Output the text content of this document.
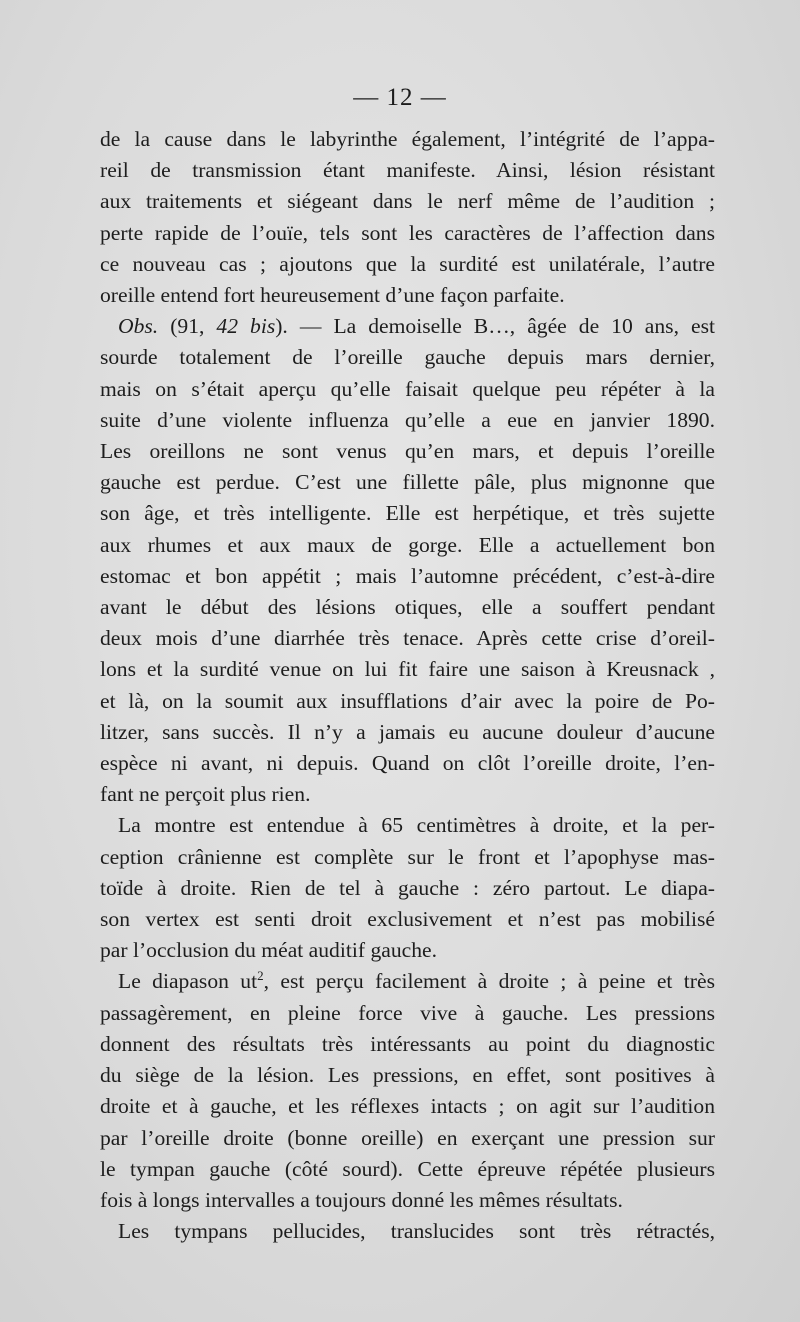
— 12 —
de la cause dans le labyrinthe également, l’intégrité de l’appa-
reil de transmission étant manifeste. Ainsi, lésion résistant
aux traitements et siégeant dans le nerf même de l’audition ;
perte rapide de l’ouïe, tels sont les caractères de l’affection dans
ce nouveau cas ; ajoutons que la surdité est unilatérale, l’autre
oreille entend fort heureusement d’une façon parfaite.
Obs. (91, 42 bis). — La demoiselle B…, âgée de 10 ans, est
sourde totalement de l’oreille gauche depuis mars dernier,
mais on s’était aperçu qu’elle faisait quelque peu répéter à la
suite d’une violente influenza qu’elle a eue en janvier 1890.
Les oreillons ne sont venus qu’en mars, et depuis l’oreille
gauche est perdue. C’est une fillette pâle, plus mignonne que
son âge, et très intelligente. Elle est herpétique, et très sujette
aux rhumes et aux maux de gorge. Elle a actuellement bon
estomac et bon appétit ; mais l’automne précédent, c’est-à-dire
avant le début des lésions otiques, elle a souffert pendant
deux mois d’une diarrhée très tenace. Après cette crise d’oreil-
lons et la surdité venue on lui fit faire une saison à Kreusnack ,
et là, on la soumit aux insufflations d’air avec la poire de Po-
litzer, sans succès. Il n’y a jamais eu aucune douleur d’aucune
espèce ni avant, ni depuis. Quand on clôt l’oreille droite, l’en-
fant ne perçoit plus rien.
La montre est entendue à 65 centimètres à droite, et la per-
ception crânienne est complète sur le front et l’apophyse mas-
toïde à droite. Rien de tel à gauche : zéro partout. Le diapa-
son vertex est senti droit exclusivement et n’est pas mobilisé
par l’occlusion du méat auditif gauche.
Le diapason $ut^2$, est perçu facilement à droite ; à peine et très
passagèrement, en pleine force vive à gauche. Les pressions
donnent des résultats très intéressants au point du diagnostic
du siège de la lésion. Les pressions, en effet, sont positives à
droite et à gauche, et les réflexes intacts ; on agit sur l’audition
par l’oreille droite (bonne oreille) en exerçant une pression sur
le tympan gauche (côté sourd). Cette épreuve répétée plusieurs
fois à longs intervalles a toujours donné les mêmes résultats.
Les tympans pellucides, translucides sont très rétractés,
